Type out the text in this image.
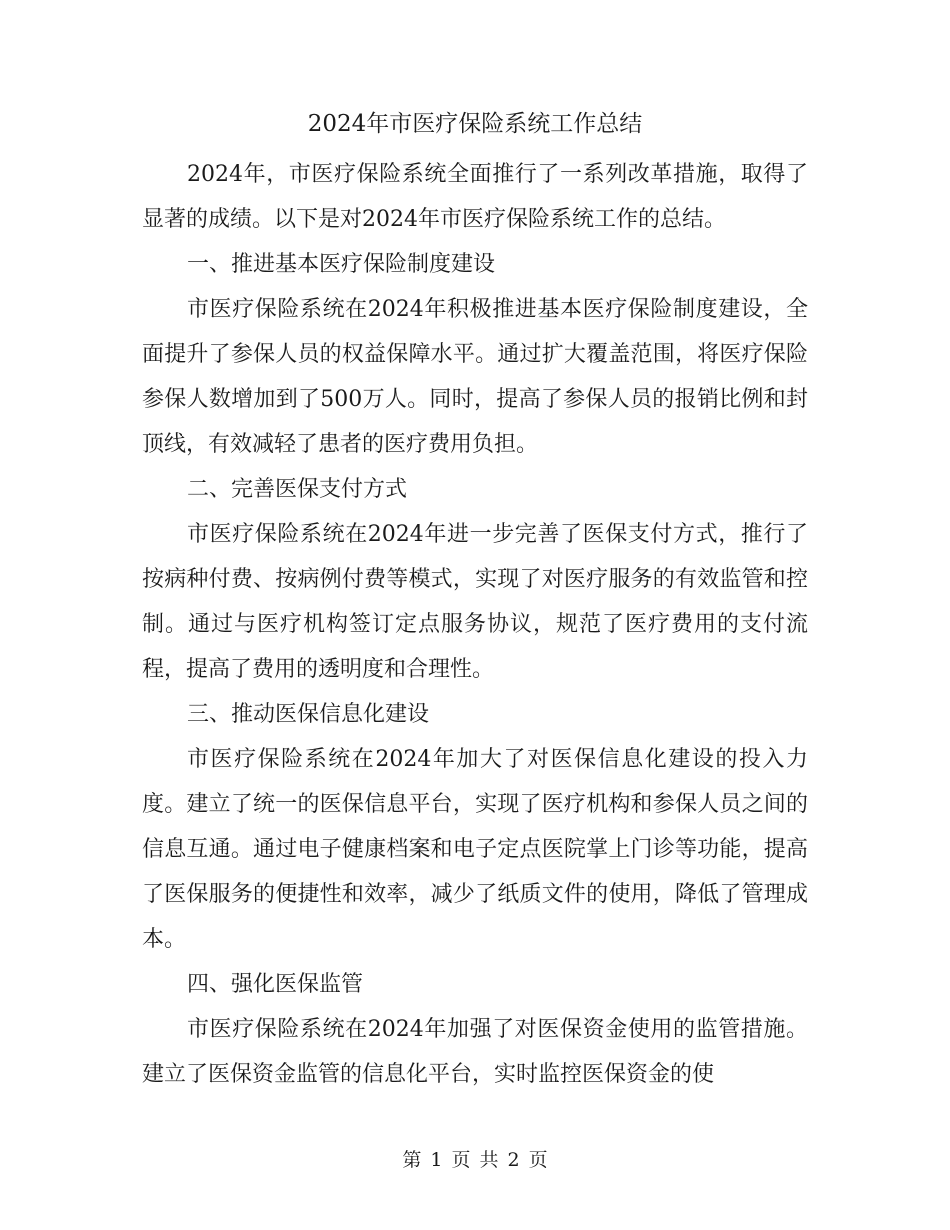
2024年市医疗保险系统工作总结

2024年，市医疗保险系统全面推行了一系列改革措施，取得了显著的成绩。以下是对2024年市医疗保险系统工作的总结。

一、推进基本医疗保险制度建设

市医疗保险系统在2024年积极推进基本医疗保险制度建设，全面提升了参保人员的权益保障水平。通过扩大覆盖范围，将医疗保险参保人数增加到了500万人。同时，提高了参保人员的报销比例和封顶线，有效减轻了患者的医疗费用负担。

二、完善医保支付方式

市医疗保险系统在2024年进一步完善了医保支付方式，推行了按病种付费、按病例付费等模式，实现了对医疗服务的有效监管和控制。通过与医疗机构签订定点服务协议，规范了医疗费用的支付流程，提高了费用的透明度和合理性。

三、推动医保信息化建设

市医疗保险系统在2024年加大了对医保信息化建设的投入力度。建立了统一的医保信息平台，实现了医疗机构和参保人员之间的信息互通。通过电子健康档案和电子定点医院掌上门诊等功能，提高了医保服务的便捷性和效率，减少了纸质文件的使用，降低了管理成本。

四、强化医保监管

市医疗保险系统在2024年加强了对医保资金使用的监管措施。建立了医保资金监管的信息化平台，实时监控医保资金的使

第 1 页 共 2 页
